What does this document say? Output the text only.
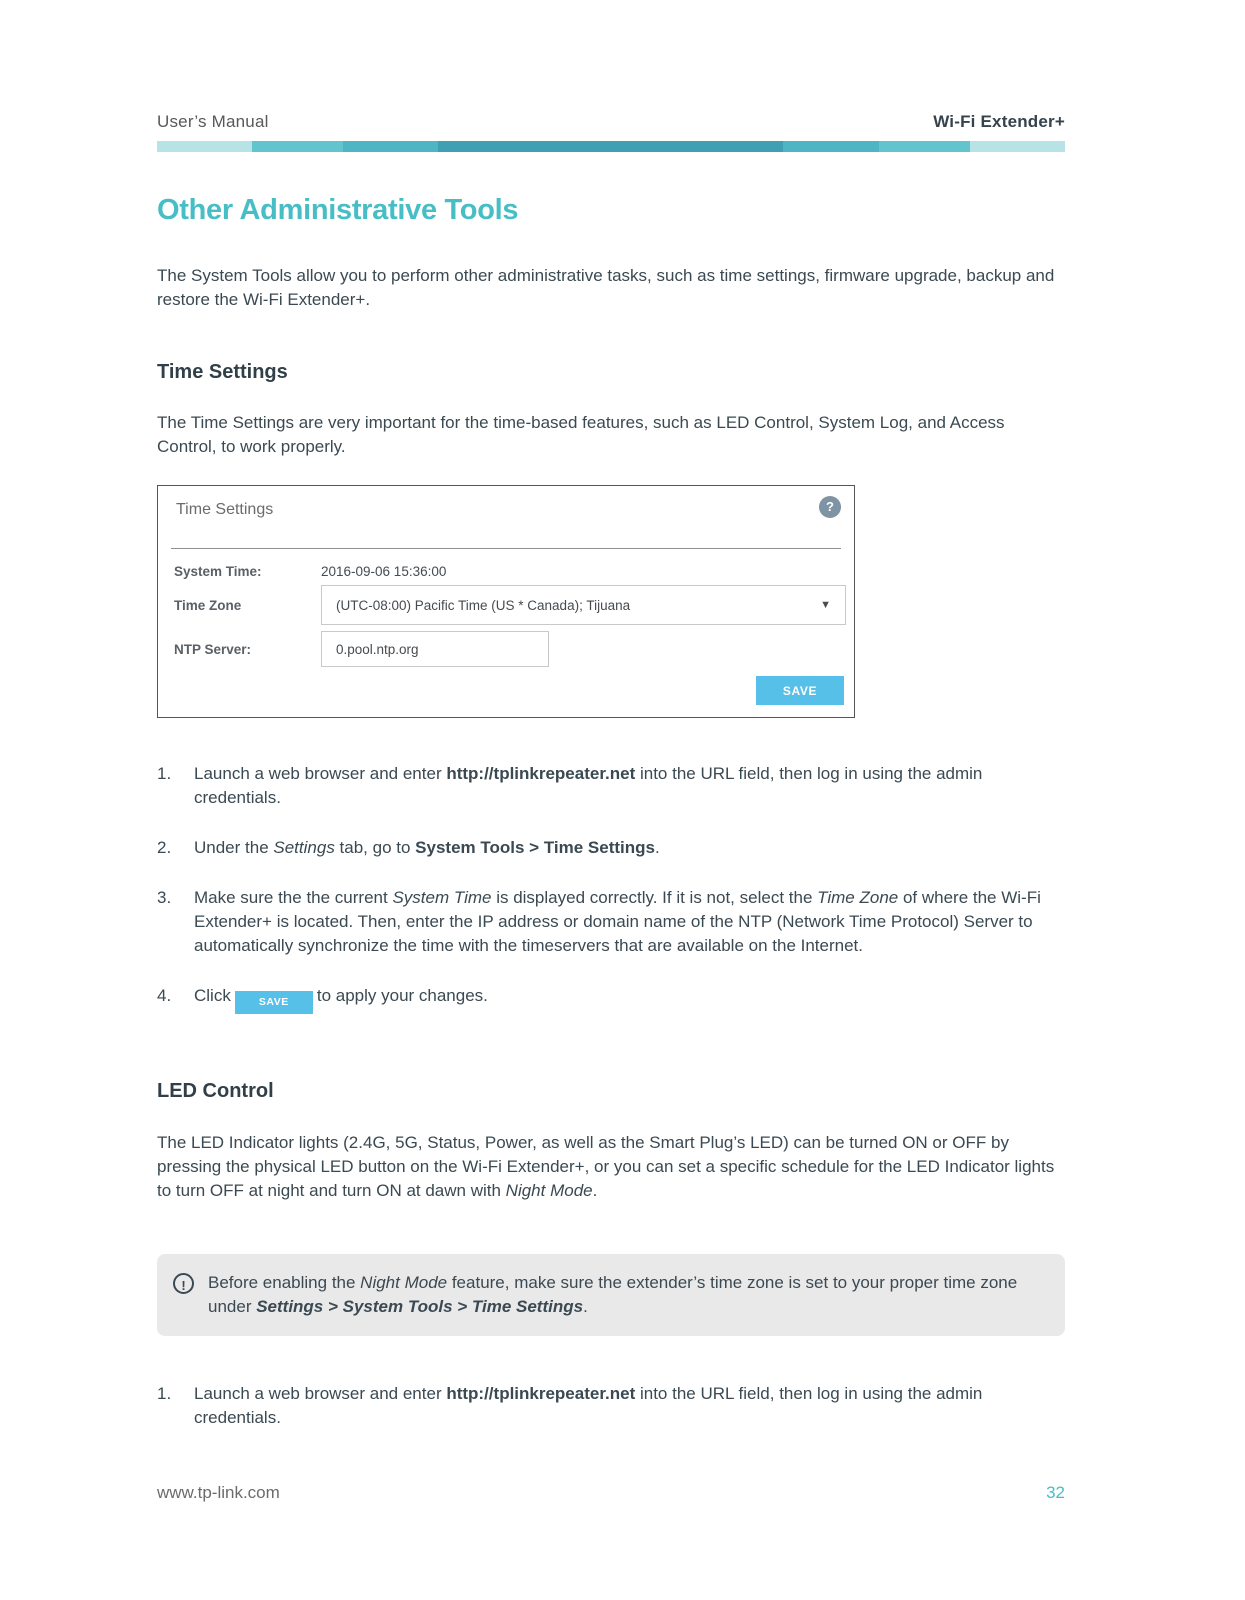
User’s Manual	Wi-Fi Extender+
Other Administrative Tools

The System Tools allow you to perform other administrative tasks, such as time settings, firmware upgrade, backup and restore the Wi-Fi Extender+.

Time Settings

The Time Settings are very important for the time-based features, such as LED Control, System Log, and Access Control, to work properly.

Time Settings	?
System Time:	2016-09-06 15:36:00
Time Zone	(UTC-08:00) Pacific Time (US * Canada); Tijuana	▼
NTP Server:
0.pool.ntp.org
SAVE
1.	Launch a web browser and enter http://tplinkrepeater.net into the URL field, then log in using the admin credentials.
2.	Under the Settings tab, go to System Tools > Time Settings.
3.	Make sure the the current System Time is displayed correctly. If it is not, select the Time Zone of where the Wi-Fi Extender+ is located. Then, enter the IP address or domain name of the NTP (Network Time Protocol) Server to automatically synchronize the time with the timeservers that are available on the Internet.
4.	Click	SAVE to apply your changes.
LED Control

The LED Indicator lights (2.4G, 5G, Status, Power, as well as the Smart Plug’s LED) can be turned ON or OFF by pressing the physical LED button on the Wi-Fi Extender+, or you can set a specific schedule for the LED Indicator lights to turn OFF at night and turn ON at dawn with Night Mode.

!	Before enabling the Night Mode feature, make sure the extender’s time zone is set to your proper time zone under Settings > System Tools > Time Settings.
1.	Launch a web browser and enter http://tplinkrepeater.net into the URL field, then log in using the admin credentials.
www.tp-link.com	32
